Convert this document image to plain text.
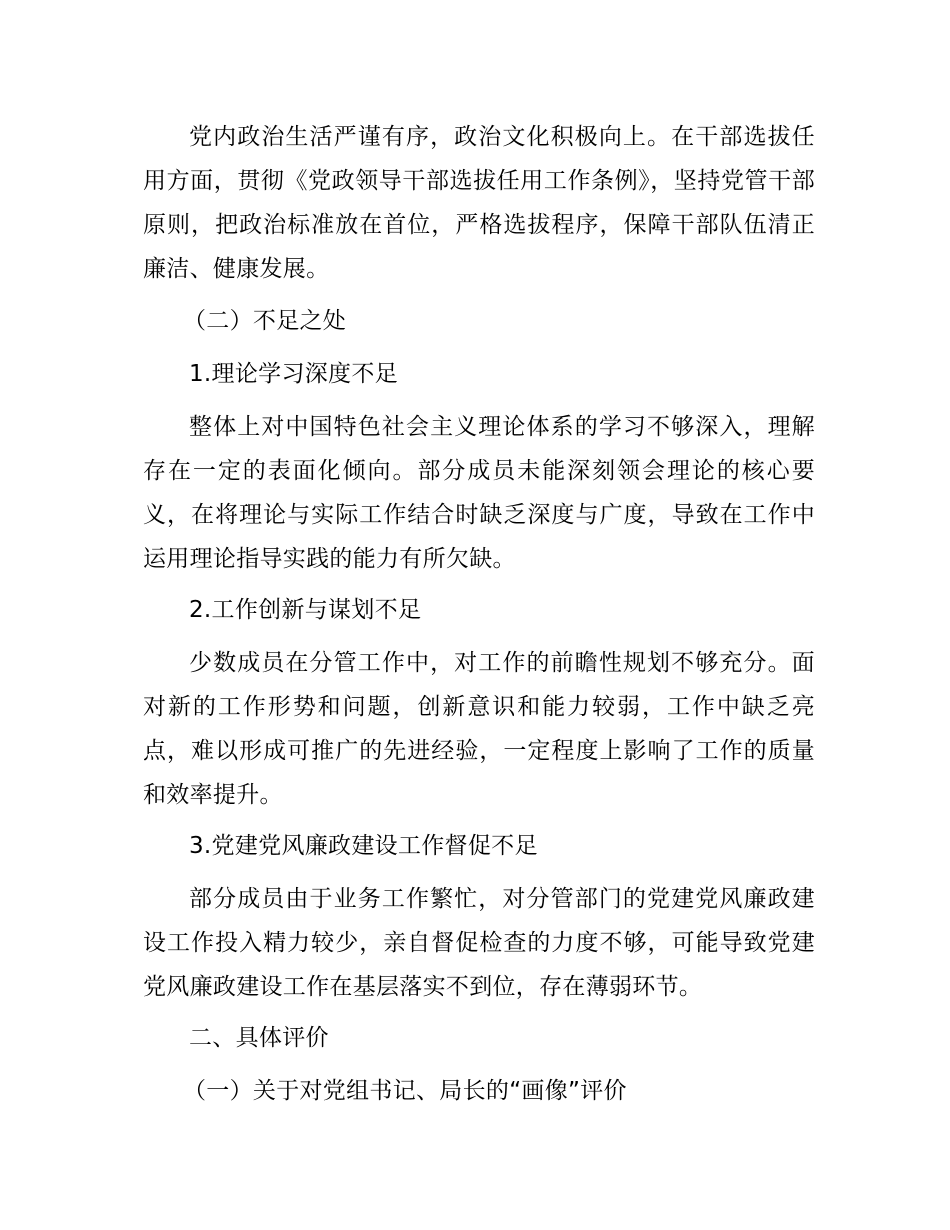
党内政治生活严谨有序，政治文化积极向上。在干部选拔任用方面，贯彻《党政领导干部选拔任用工作条例》，坚持党管干部原则，把政治标准放在首位，严格选拔程序，保障干部队伍清正廉洁、健康发展。

（二）不足之处

1.理论学习深度不足

整体上对中国特色社会主义理论体系的学习不够深入，理解存在一定的表面化倾向。部分成员未能深刻领会理论的核心要义，在将理论与实际工作结合时缺乏深度与广度，导致在工作中运用理论指导实践的能力有所欠缺。

2.工作创新与谋划不足

少数成员在分管工作中，对工作的前瞻性规划不够充分。面对新的工作形势和问题，创新意识和能力较弱，工作中缺乏亮点，难以形成可推广的先进经验，一定程度上影响了工作的质量和效率提升。

3.党建党风廉政建设工作督促不足

部分成员由于业务工作繁忙，对分管部门的党建党风廉政建设工作投入精力较少，亲自督促检查的力度不够，可能导致党建党风廉政建设工作在基层落实不到位，存在薄弱环节。

二、具体评价

（一）关于对党组书记、局长的“画像”评价
